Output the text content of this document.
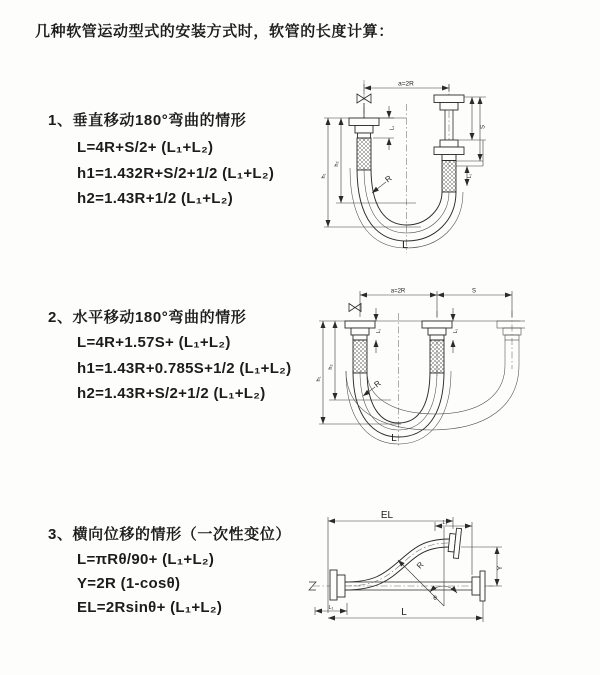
几种软管运动型式的安装方式时，软管的长度计算：
1、垂直移动180°弯曲的情形
L=4R+S/2+ (L₁+L₂)
h1=1.432R+S/2+1/2 (L₁+L₂)
h2=1.43R+1/2 (L₁+L₂)
a=2R
L₁	S
L₁
h₁
h₂
R
L
2、水平移动180°弯曲的情形
L=4R+1.57S+ (L₁+L₂)
h1=1.43R+0.785S+1/2 (L₁+L₂)
h2=1.43R+S/2+1/2 (L₁+L₂)
a=2R	S
L₁	L₁
h₁
h₂
R
L
3、横向位移的情形（一次性变位）
L=πRθ/90+ (L₁+L₂)
Y=2R (1-cosθ)
EL=2Rsinθ+ (L₁+L₂)
EL
L₁
Y
R
θ
L
L₁
